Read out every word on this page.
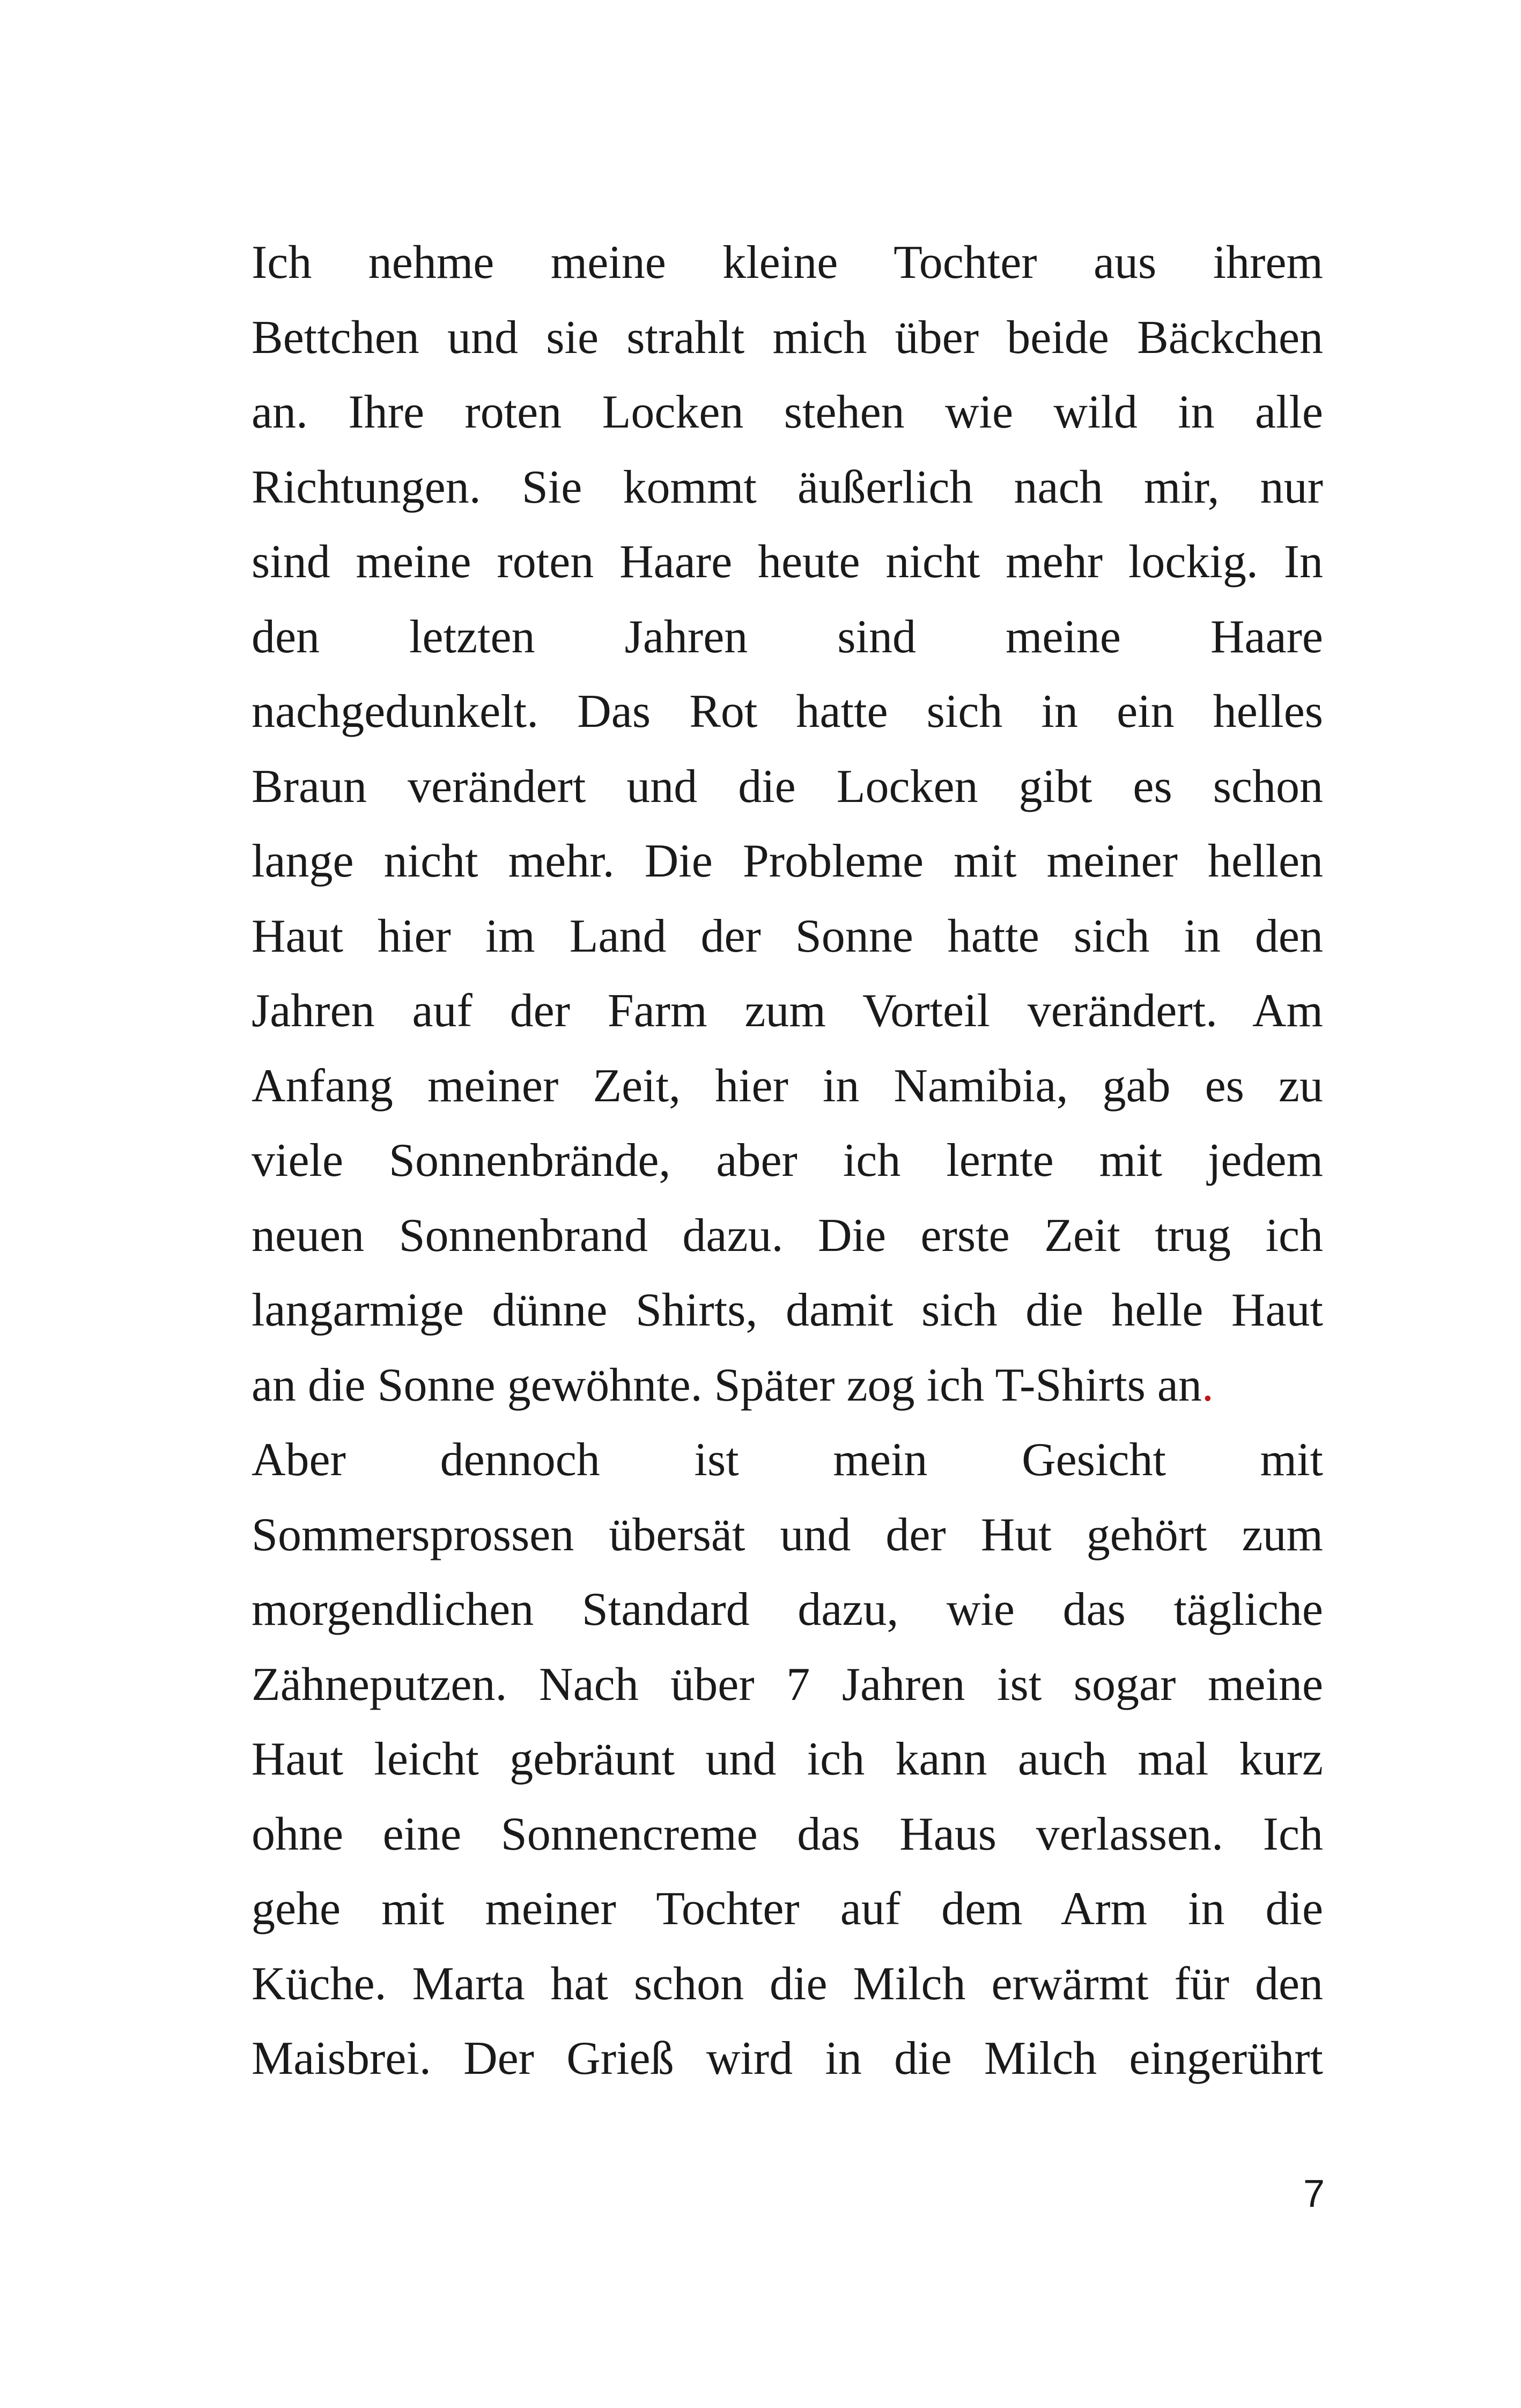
Ich nehme meine kleine Tochter aus ihrem
Bettchen und sie strahlt mich über beide Bäckchen
an. Ihre roten Locken stehen wie wild in alle
Richtungen. Sie kommt äußerlich nach mir, nur
sind meine roten Haare heute nicht mehr lockig. In
den letzten Jahren sind meine Haare
nachgedunkelt. Das Rot hatte sich in ein helles
Braun verändert und die Locken gibt es schon
lange nicht mehr. Die Probleme mit meiner hellen
Haut hier im Land der Sonne hatte sich in den
Jahren auf der Farm zum Vorteil verändert. Am
Anfang meiner Zeit, hier in Namibia, gab es zu
viele Sonnenbrände, aber ich lernte mit jedem
neuen Sonnenbrand dazu. Die erste Zeit trug ich
langarmige dünne Shirts, damit sich die helle Haut
an die Sonne gewöhnte. Später zog ich T-Shirts an.
Aber dennoch ist mein Gesicht mit
Sommersprossen übersät und der Hut gehört zum
morgendlichen Standard dazu, wie das tägliche
Zähneputzen. Nach über 7 Jahren ist sogar meine
Haut leicht gebräunt und ich kann auch mal kurz
ohne eine Sonnencreme das Haus verlassen. Ich
gehe mit meiner Tochter auf dem Arm in die
Küche. Marta hat schon die Milch erwärmt für den
Maisbrei. Der Grieß wird in die Milch eingerührt
7
